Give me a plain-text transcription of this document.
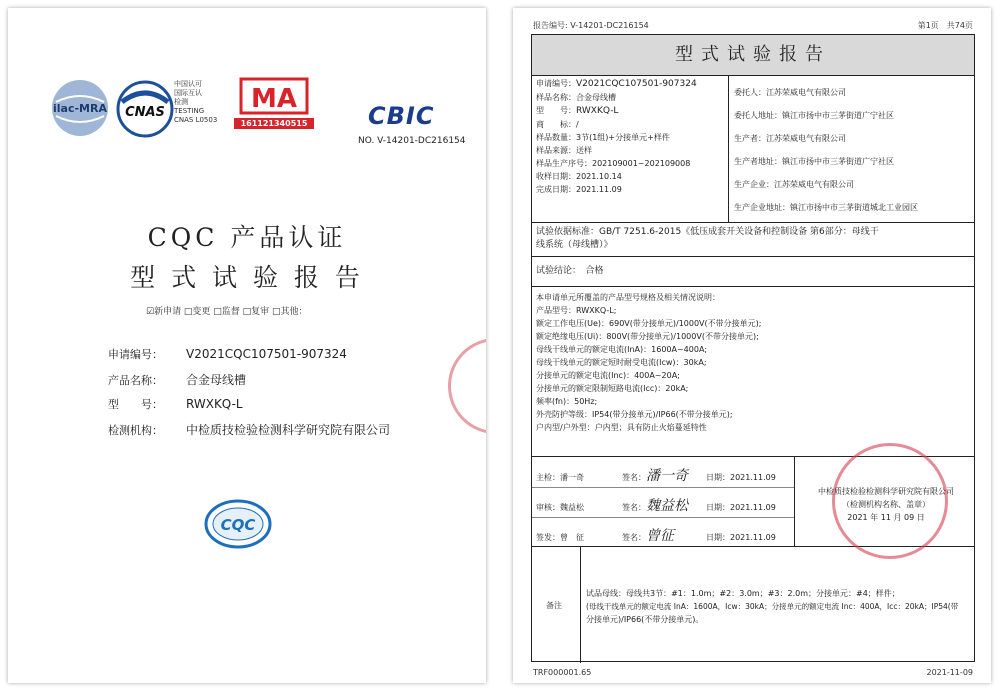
ilac-MRA CNAS
中国认可
国际互认
检测
TESTING
CNAS L0503
MA
161121340515	CBIC
NO. V-14201-DC216154
CQC 产品认证
型 式 试 验 报 告
☑新申请 □变更 □监督 □复审 □其他：
申请编号： V2021CQC107501-907324
产品名称： 合金母线槽
型　　号： RWXKQ-L
检测机构： 中检质技检验检测科学研究院有限公司
CQC
报告编号: V-14201-DC216154	第1页　共74页
型式试验报告
申请编号：V2021CQC107501-907324
样品名称：合金母线槽
型　　号：RWXKQ-L
商　　标：/
样品数量：3节(1组)+分接单元+样件
样品来源：送样
样品生产序号：202109001~202109008
收样日期：2021.10.14
完成日期：2021.11.09
委托人：江苏荣威电气有限公司
委托人地址：镇江市扬中市三茅街道广宁社区
生产者：江苏荣威电气有限公司
生产者地址：镇江市扬中市三茅街道广宁社区
生产企业：江苏荣威电气有限公司
生产企业地址：镇江市扬中市三茅街道城北工业园区
试验依据标准：GB/T 7251.6-2015《低压成套开关设备和控制设备 第6部分：母线干
线系统（母线槽）》
试验结论：　合格
本申请单元所覆盖的产品型号规格及相关情况说明：
产品型号：RWXKQ-L;
额定工作电压(Ue)：690V(带分接单元)/1000V(不带分接单元);
额定绝缘电压(Ui)：800V(带分接单元)/1000V(不带分接单元);
母线干线单元的额定电流(InA)：1600A~400A;
母线干线单元的额定短时耐受电流(Icw)：30kA;
分接单元的额定电流(Inc)：400A~20A;
分接单元的额定限制短路电流(Icc)：20kA;
频率(fn)：50Hz;
外壳防护等级：IP54(带分接单元)/IP66(不带分接单元);
户内型/户外型：户内型；具有防止火焰蔓延特性
主检：潘一奇	签名：潘一奇 日期：2021.11.09
审核：魏益松	签名：魏益松 日期：2021.11.09
签发：曾　征	签名：曾征	日期：2021.11.09
中检质技检验检测科学研究院有限公司
（检测机构名称、盖章）
2021 年 11 月 09 日
备注
试品母线：母线共3节：#1：1.0m；#2：3.0m；#3：2.0m；分接单元：#4；样件；
(母线干线单元的额定电流 InA：1600A，Icw：30kA；分接单元的额定电流 Inc：400A，Icc：20kA；IP54(带
分接单元)/IP66(不带分接单元)。
TRF000001.65	2021-11-09
